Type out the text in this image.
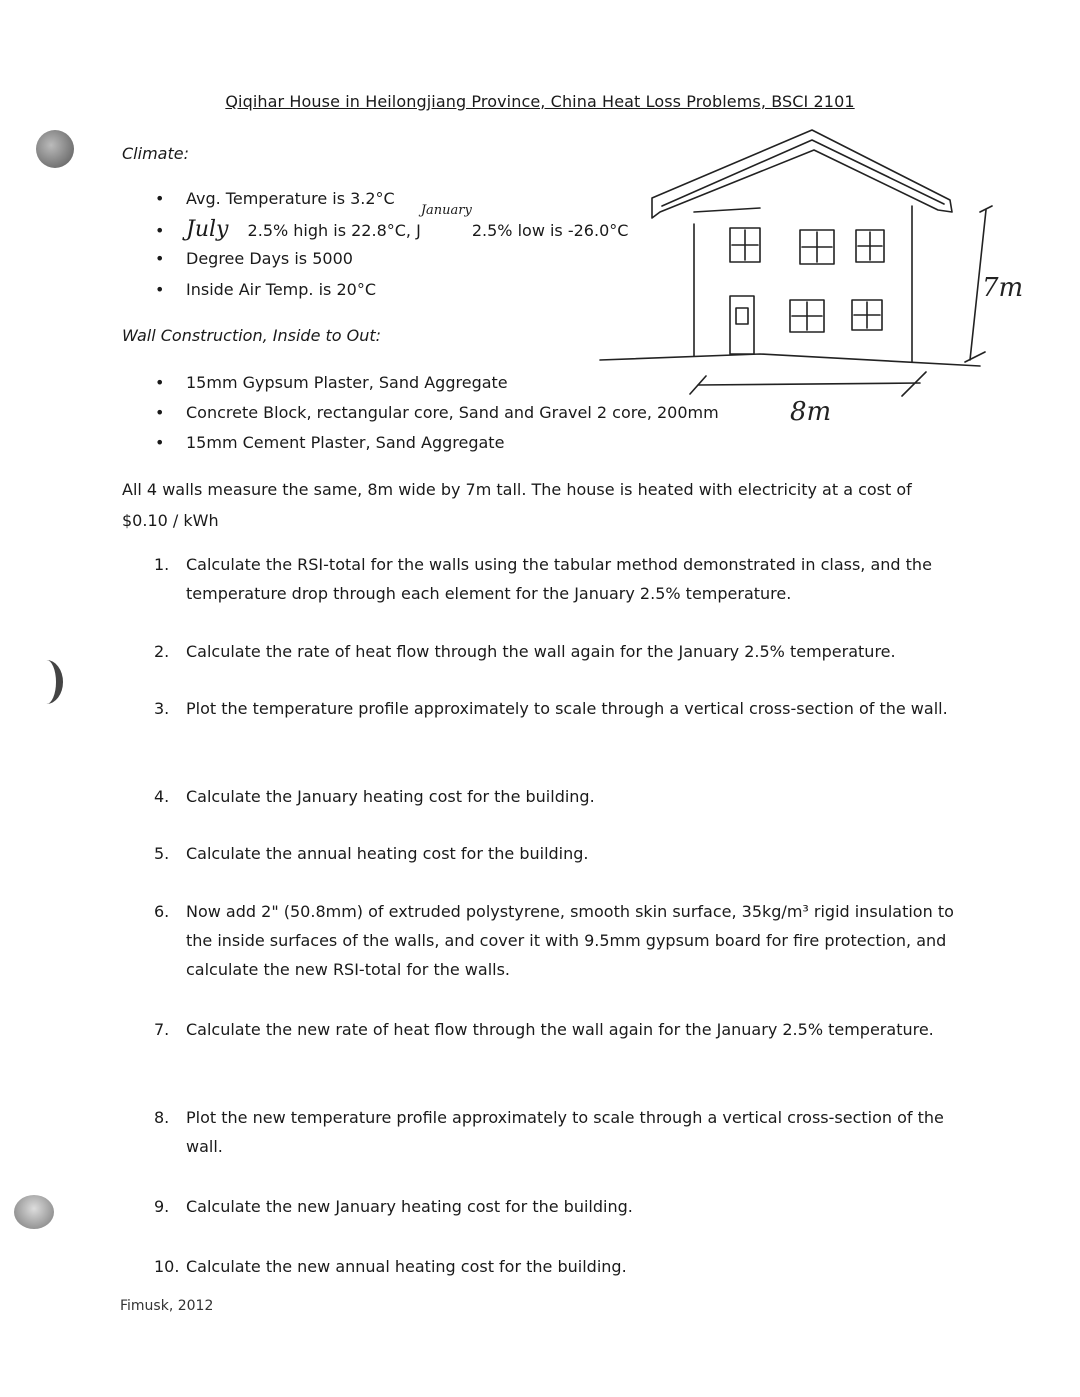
Qiqihar House in Heilongjiang Province, China Heat Loss Problems, BSCI 2101
Climate:
• Avg. Temperature is 3.2°C
• July 2.5% high is 22.8°C, $J^{January}2.5\%$ low is -26.0°C
• Degree Days is 5000
• Inside Air Temp. is 20°C
Wall Construction, Inside to Out:
• 15mm Gypsum Plaster, Sand Aggregate
• Concrete Block, rectangular core, Sand and Gravel 2 core, 200mm
• 15mm Cement Plaster, Sand Aggregate
7m
8m
All 4 walls measure the same, 8m wide by 7m tall. The house is heated with electricity at a cost of $0.10 / kWh
1.	Calculate the RSI-total for the walls using the tabular method demonstrated in class, and the temperature drop through each element for the January 2.5% temperature.
2.	Calculate the rate of heat flow through the wall again for the January 2.5% temperature.
3.	Plot the temperature profile approximately to scale through a vertical cross-section of the wall.
4.	Calculate the January heating cost for the building.
5.	Calculate the annual heating cost for the building.
6.	Now add 2" (50.8mm) of extruded polystyrene, smooth skin surface, 35kg/m³ rigid insulation to the inside surfaces of the walls, and cover it with 9.5mm gypsum board for fire protection, and calculate the new RSI-total for the walls.
7.	Calculate the new rate of heat flow through the wall again for the January 2.5% temperature.
8.	Plot the new temperature profile approximately to scale through a vertical cross-section of the wall.
9.	Calculate the new January heating cost for the building.
10. Calculate the new annual heating cost for the building.
Fimusk, 2012
